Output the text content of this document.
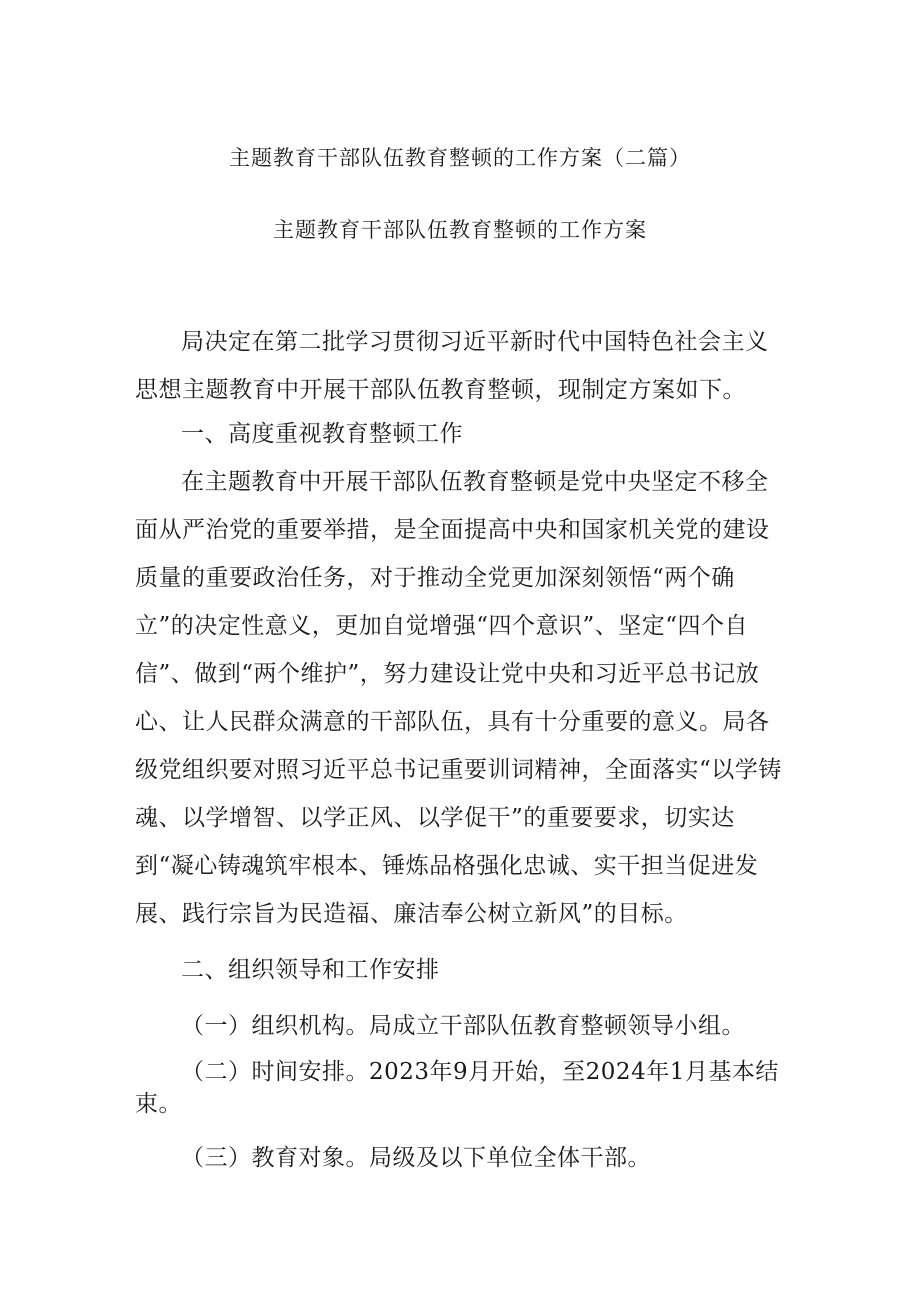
主题教育干部队伍教育整顿的工作方案（二篇）
主题教育干部队伍教育整顿的工作方案

局决定在第二批学习贯彻习近平新时代中国特色社会主义思想主题教育中开展干部队伍教育整顿，现制定方案如下。

一、高度重视教育整顿工作

在主题教育中开展干部队伍教育整顿是党中央坚定不移全面从严治党的重要举措，是全面提高中央和国家机关党的建设质量的重要政治任务，对于推动全党更加深刻领悟“两个确立”的决定性意义，更加自觉增强“四个意识”、坚定“四个自信”、做到“两个维护”，努力建设让党中央和习近平总书记放心、让人民群众满意的干部队伍，具有十分重要的意义。局各级党组织要对照习近平总书记重要训词精神，全面落实“以学铸魂、以学增智、以学正风、以学促干”的重要要求，切实达到“凝心铸魂筑牢根本、锤炼品格强化忠诚、实干担当促进发展、践行宗旨为民造福、廉洁奉公树立新风”的目标。

二、组织领导和工作安排

（一）组织机构。局成立干部队伍教育整顿领导小组。

（二）时间安排。2023年9月开始，至2024年1月基本结束。

（三）教育对象。局级及以下单位全体干部。
